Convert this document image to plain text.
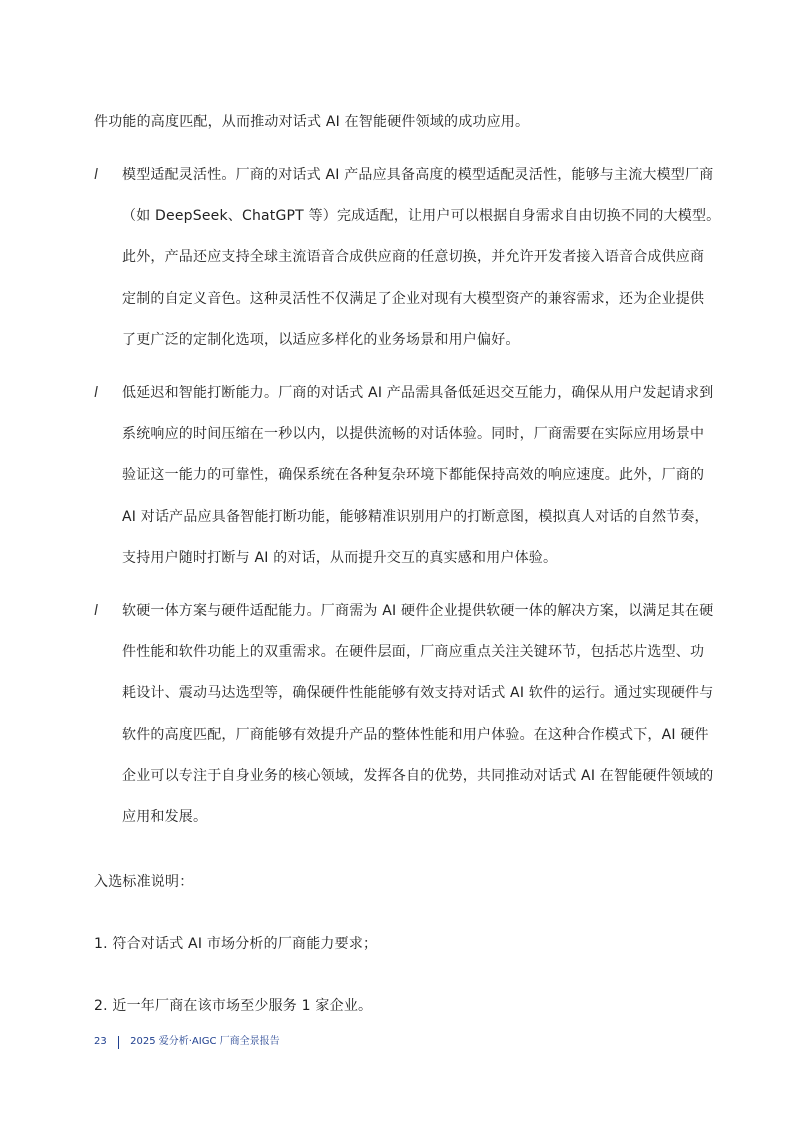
件功能的高度匹配，从而推动对话式 AI 在智能硬件领域的成功应用。
l 模型适配灵活性。厂商的对话式 AI 产品应具备高度的模型适配灵活性，能够与主流大模型厂商
（如 DeepSeek、ChatGPT 等）完成适配，让用户可以根据自身需求自由切换不同的大模型。
此外，产品还应支持全球主流语音合成供应商的任意切换，并允许开发者接入语音合成供应商
定制的自定义音色。这种灵活性不仅满足了企业对现有大模型资产的兼容需求，还为企业提供
了更广泛的定制化选项，以适应多样化的业务场景和用户偏好。
l 低延迟和智能打断能力。厂商的对话式 AI 产品需具备低延迟交互能力，确保从用户发起请求到
系统响应的时间压缩在一秒以内，以提供流畅的对话体验。同时，厂商需要在实际应用场景中
验证这一能力的可靠性，确保系统在各种复杂环境下都能保持高效的响应速度。此外，厂商的
AI 对话产品应具备智能打断功能，能够精准识别用户的打断意图，模拟真人对话的自然节奏，
支持用户随时打断与 AI 的对话，从而提升交互的真实感和用户体验。
l 软硬一体方案与硬件适配能力。厂商需为 AI 硬件企业提供软硬一体的解决方案，以满足其在硬
件性能和软件功能上的双重需求。在硬件层面，厂商应重点关注关键环节，包括芯片选型、功
耗设计、震动马达选型等，确保硬件性能能够有效支持对话式 AI 软件的运行。通过实现硬件与
软件的高度匹配，厂商能够有效提升产品的整体性能和用户体验。在这种合作模式下，AI 硬件
企业可以专注于自身业务的核心领域，发挥各自的优势，共同推动对话式 AI 在智能硬件领域的
应用和发展。
入选标准说明：
1. 符合对话式 AI 市场分析的厂商能力要求；
2. 近一年厂商在该市场至少服务 1 家企业。
23 2025 爱分析·AIGC 厂商全景报告
